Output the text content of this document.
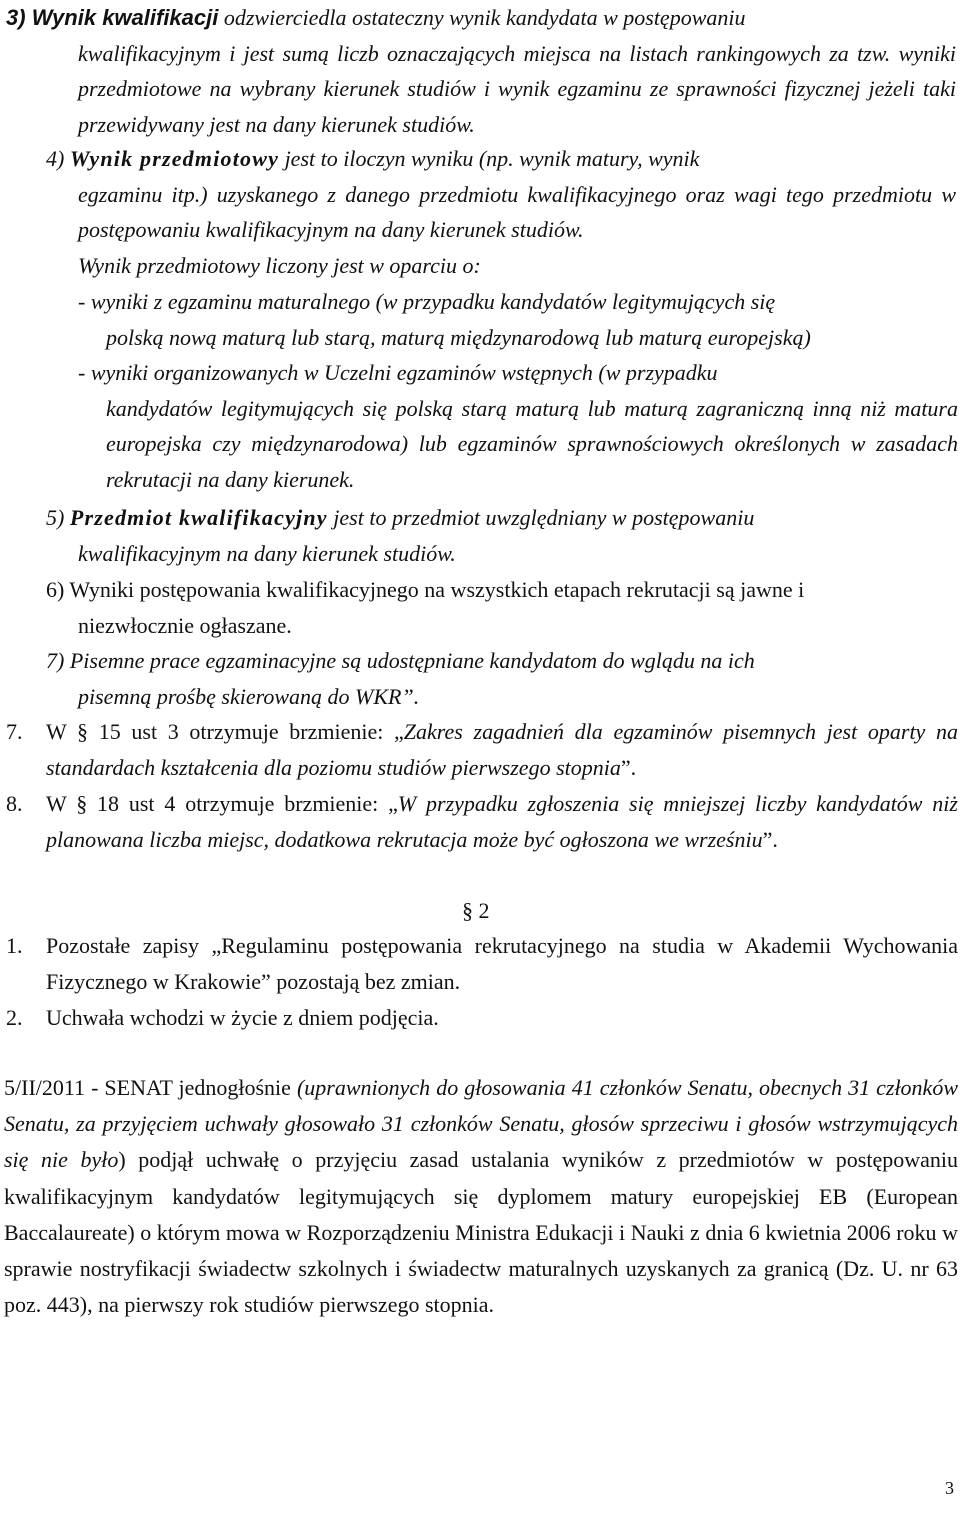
3) Wynik kwalifikacji odzwierciedla ostateczny wynik kandydata w postępowaniu

kwalifikacyjnym i jest sumą liczb oznaczających miejsca na listach rankingowych za tzw. wyniki przedmiotowe na wybrany kierunek studiów i wynik egzaminu ze sprawności fizycznej jeżeli taki przewidywany jest na dany kierunek studiów.

4) Wynik przedmiotowy jest to iloczyn wyniku (np. wynik matury, wynik

egzaminu itp.) uzyskanego z danego przedmiotu kwalifikacyjnego oraz wagi tego przedmiotu w postępowaniu kwalifikacyjnym na dany kierunek studiów.

Wynik przedmiotowy liczony jest w oparciu o:

- wyniki z egzaminu maturalnego (w przypadku kandydatów legitymujących się

polską nową maturą lub starą, maturą międzynarodową lub maturą europejską)

- wyniki organizowanych w Uczelni egzaminów wstępnych (w przypadku

kandydatów legitymujących się polską starą maturą lub maturą zagraniczną inną niż matura europejska czy międzynarodowa) lub egzaminów sprawnościowych określonych w zasadach rekrutacji na dany kierunek.

5) Przedmiot kwalifikacyjny jest to przedmiot uwzględniany w postępowaniu

kwalifikacyjnym na dany kierunek studiów.

6) Wyniki postępowania kwalifikacyjnego na wszystkich etapach rekrutacji są jawne i

niezwłocznie ogłaszane.

7) Pisemne prace egzaminacyjne są udostępniane kandydatom do wglądu na ich

pisemną prośbę skierowaną do WKR”.

7.	W § 15 ust 3 otrzymuje brzmienie: „Zakres zagadnień dla egzaminów pisemnych jest oparty na standardach kształcenia dla poziomu studiów pierwszego stopnia”.

8.	W § 18 ust 4 otrzymuje brzmienie: „W przypadku zgłoszenia się mniejszej liczby kandydatów niż planowana liczba miejsc, dodatkowa rekrutacja może być ogłoszona we wrześniu”.

§ 2
1.	Pozostałe zapisy „Regulaminu postępowania rekrutacyjnego na studia w Akademii Wychowania Fizycznego w Krakowie” pozostają bez zmian.

2.	Uchwała wchodzi w życie z dniem podjęcia.

5/II/2011 - SENAT jednogłośnie (uprawnionych do głosowania 41 członków Senatu, obecnych 31 członków Senatu, za przyjęciem uchwały głosowało 31 członków Senatu, głosów sprzeciwu i głosów wstrzymujących się nie było) podjął uchwałę o przyjęciu zasad ustalania wyników z przedmiotów w postępowaniu kwalifikacyjnym kandydatów legitymujących się dyplomem matury europejskiej EB (European Baccalaureate) o którym mowa w Rozporządzeniu Ministra Edukacji i Nauki z dnia 6 kwietnia 2006 roku w sprawie nostryfikacji świadectw szkolnych i świadectw maturalnych uzyskanych za granicą (Dz. U. nr 63 poz. 443), na pierwszy rok studiów pierwszego stopnia.
3
